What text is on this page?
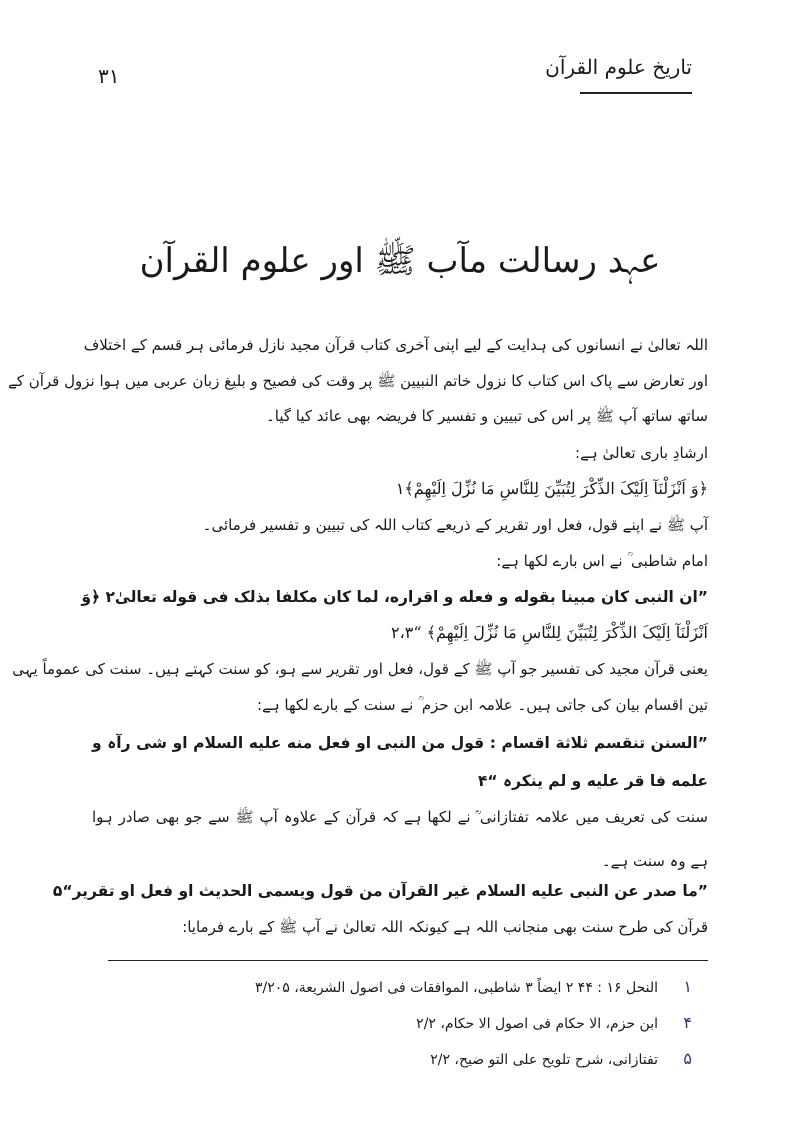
تاریخ علوم القرآن
۳۱
عہد رسالت مآب ﷺ اور علوم القرآن
اللہ تعالیٰ نے انسانوں کی ہدایت کے لیے اپنی آخری کتاب قرآن مجید نازل فرمائی ہر قسم کے اختلاف
اور تعارض سے پاک اس کتاب کا نزول خاتم النبیین ﷺ پر وقت کی فصیح و بلیغ زبان عربی میں ہوا نزول قرآن کے
ساتھ ساتھ آپ ﷺ پر اس کی تبیین و تفسیر کا فریضہ بھی عائد کیا گیا۔
ارشادِ باری تعالیٰ ہے:
﴿وَ اَنْزَلْنَآ اِلَیْکَ الذِّکْرَ لِتُبَیِّنَ لِلنَّاسِ مَا نُزِّلَ اِلَیْھِمْ﴾۱
آپ ﷺ نے اپنے قول، فعل اور تقریر کے ذریعے کتاب اللہ کی تبیین و تفسیر فرمائی۔
امام شاطبی ؒ نے اس بارے لکھا ہے:
”ان النبی کان مبینا بقوله و فعله و اقراره، لما کان مکلفا بذلک فی قوله تعالیٰ۲ ﴿وَ
اَنْزَلْنَآ اِلَیْکَ الذِّکْرَ لِتُبَیِّنَ لِلنَّاسِ مَا نُزِّلَ اِلَیْھِمْ﴾ “۲،۳
یعنی قرآن مجید کی تفسیر جو آپ ﷺ کے قول، فعل اور تقریر سے ہو، کو سنت کہتے ہیں۔ سنت کی عموماً یہی
تین اقسام بیان کی جاتی ہیں۔ علامہ ابن حزم ؒ نے سنت کے بارے لکھا ہے:
”السنن تنقسم ثلاثة اقسام : قول من النبی او فعل منه علیه السلام او شی رآہ و
علمه فا قر علیه و لم ینکرہ “۴
سنت کی تعریف میں علامہ تفتازانی ؒ نے لکھا ہے کہ قرآن کے علاوہ آپ ﷺ سے جو بھی صادر ہوا
ہے وہ سنت ہے۔
”ما صدر عن النبی علیه السلام غیر القرآن من قول ویسمی الحدیث او فعل او تقریر“۵
قرآن کی طرح سنت بھی منجانب اللہ ہے کیونکہ اللہ تعالیٰ نے آپ ﷺ کے بارے فرمایا:
۱النحل ۱۶ : ۴۴ ۲ ایضاً ۳ شاطبی، الموافقات فی اصول الشریعة، ۳/۲۰۵
۴ابن حزم، الا حکام فی اصول الا حکام، ۲/۲
۵تفتازانی، شرح تلویح علی التو ضیح، ۲/۲
